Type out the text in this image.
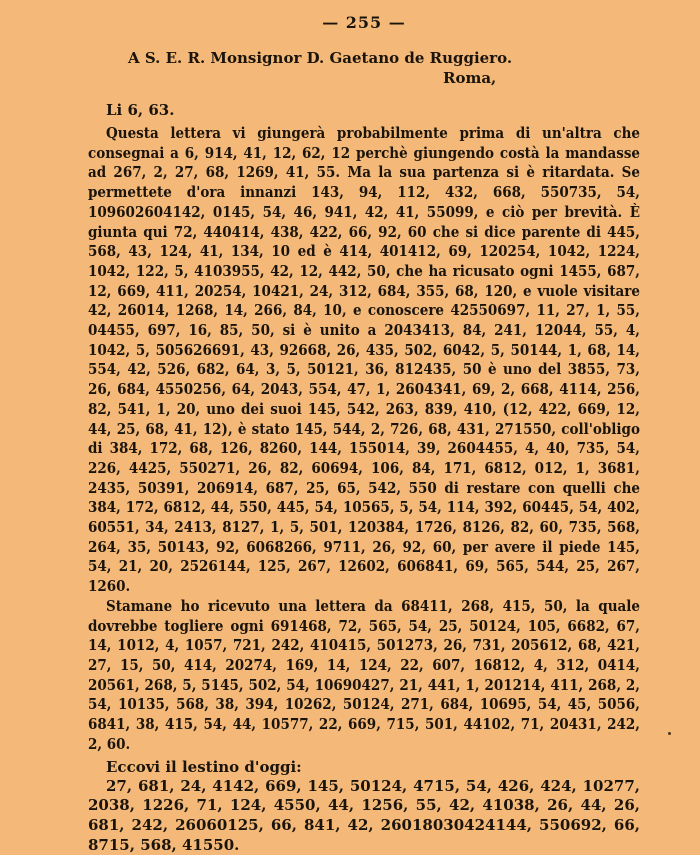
— 255 —
A S. E. R. Monsignor D. Gaetano de Ruggiero.
Roma,
Li 6, 63.

Questa lettera vi giungerà probabilmente prima di un'altra che consegnai a 6, 914, 41, 12, 62, 12 perchè giungendo costà la mandasse ad 267, 2, 27, 68, 1269, 41, 55. Ma la sua partenza si è ritardata. Se permettete d'ora innanzi 143, 94, 112, 432, 668, 550735, 54, 109602604142, 0145, 54, 46, 941, 42, 41, 55099, e ciò per brevità. È giunta qui 72, 440414, 438, 422, 66, 92, 60 che si dice parente di 445, 568, 43, 124, 41, 134, 10 ed è 414, 401412, 69, 120254, 1042, 1224, 1042, 122, 5, 4103955, 42, 12, 442, 50, che ha ricusato ogni 1455, 687, 12, 669, 411, 20254, 10421, 24, 312, 684, 355, 68, 120, e vuole visitare 42, 26014, 1268, 14, 266, 84, 10, e conoscere 42550697, 11, 27, 1, 55, 04455, 697, 16, 85, 50, si è unito a 2043413, 84, 241, 12044, 55, 4, 1042, 5, 505626691, 43, 92668, 26, 435, 502, 6042, 5, 50144, 1, 68, 14, 554, 42, 526, 682, 64, 3, 5, 50121, 36, 812435, 50 è uno del 3855, 73, 26, 684, 4550256, 64, 2043, 554, 47, 1, 2604341, 69, 2, 668, 4114, 256, 82, 541, 1, 20, uno dei suoi 145, 542, 263, 839, 410, (12, 422, 669, 12, 44, 25, 68, 41, 12), è stato 145, 544, 2, 726, 68, 431, 271550, coll'obligo di 384, 172, 68, 126, 8260, 144, 155014, 39, 2604455, 4, 40, 735, 54, 226, 4425, 550271, 26, 82, 60694, 106, 84, 171, 6812, 012, 1, 3681, 2435, 50391, 206914, 687, 25, 65, 542, 550 di restare con quelli che 384, 172, 6812, 44, 550, 445, 54, 10565, 5, 54, 114, 392, 60445, 54, 402, 60551, 34, 2413, 8127, 1, 5, 501, 120384, 1726, 8126, 82, 60, 735, 568, 264, 35, 50143, 92, 6068266, 9711, 26, 92, 60, per avere il piede 145, 54, 21, 20, 2526144, 125, 267, 12602, 606841, 69, 565, 544, 25, 267, 1260.

Stamane ho ricevuto una lettera da 68411, 268, 415, 50, la quale dovrebbe togliere ogni 691468, 72, 565, 54, 25, 50124, 105, 6682, 67, 14, 1012, 4, 1057, 721, 242, 410415, 501273, 26, 731, 205612, 68, 421, 27, 15, 50, 414, 20274, 169, 14, 124, 22, 607, 16812, 4, 312, 0414, 20561, 268, 5, 5145, 502, 54, 10690427, 21, 441, 1, 201214, 411, 268, 2, 54, 10135, 568, 38, 394, 10262, 50124, 271, 684, 10695, 54, 45, 5056, 6841, 38, 415, 54, 44, 10577, 22, 669, 715, 501, 44102, 71, 20431, 242, 2, 60.

Eccovi il lestino d'oggi:

27, 681, 24, 4142, 669, 145, 50124, 4715, 54, 426, 424, 10277, 2038, 1226, 71, 124, 4550, 44, 1256, 55, 42, 41038, 26, 44, 26, 681, 242, 26060125, 66, 841, 42, 26018030424144, 550692, 66, 8715, 568, 41550.
